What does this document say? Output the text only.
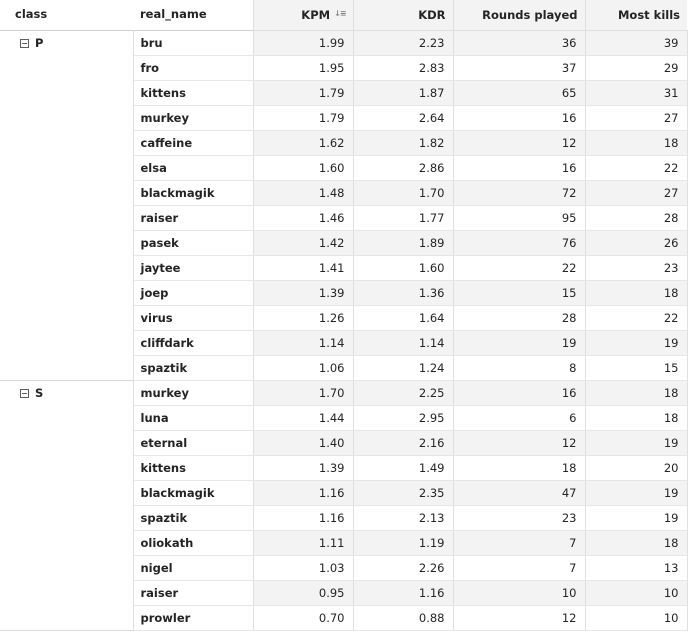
class	real_name	KPM ↓≡	KDR	Rounds played	Most kills
P	bru	1.99	2.23	36	39
	fro	1.95	2.83	37	29
	kittens	1.79	1.87	65	31
	murkey	1.79	2.64	16	27
	caffeine	1.62	1.82	12	18
	elsa	1.60	2.86	16	22
	blackmagik	1.48	1.70	72	27
	raiser	1.46	1.77	95	28
	pasek	1.42	1.89	76	26
	jaytee	1.41	1.60	22	23
	joep	1.39	1.36	15	18
	virus	1.26	1.64	28	22
	cliffdark	1.14	1.14	19	19
	spaztik	1.06	1.24	8	15
S	murkey	1.70	2.25	16	18
	luna	1.44	2.95	6	18
	eternal	1.40	2.16	12	19
	kittens	1.39	1.49	18	20
	blackmagik	1.16	2.35	47	19
	spaztik	1.16	2.13	23	19
	oliokath	1.11	1.19	7	18
	nigel	1.03	2.26	7	13
	raiser	0.95	1.16	10	10
	prowler	0.70	0.88	12	10
